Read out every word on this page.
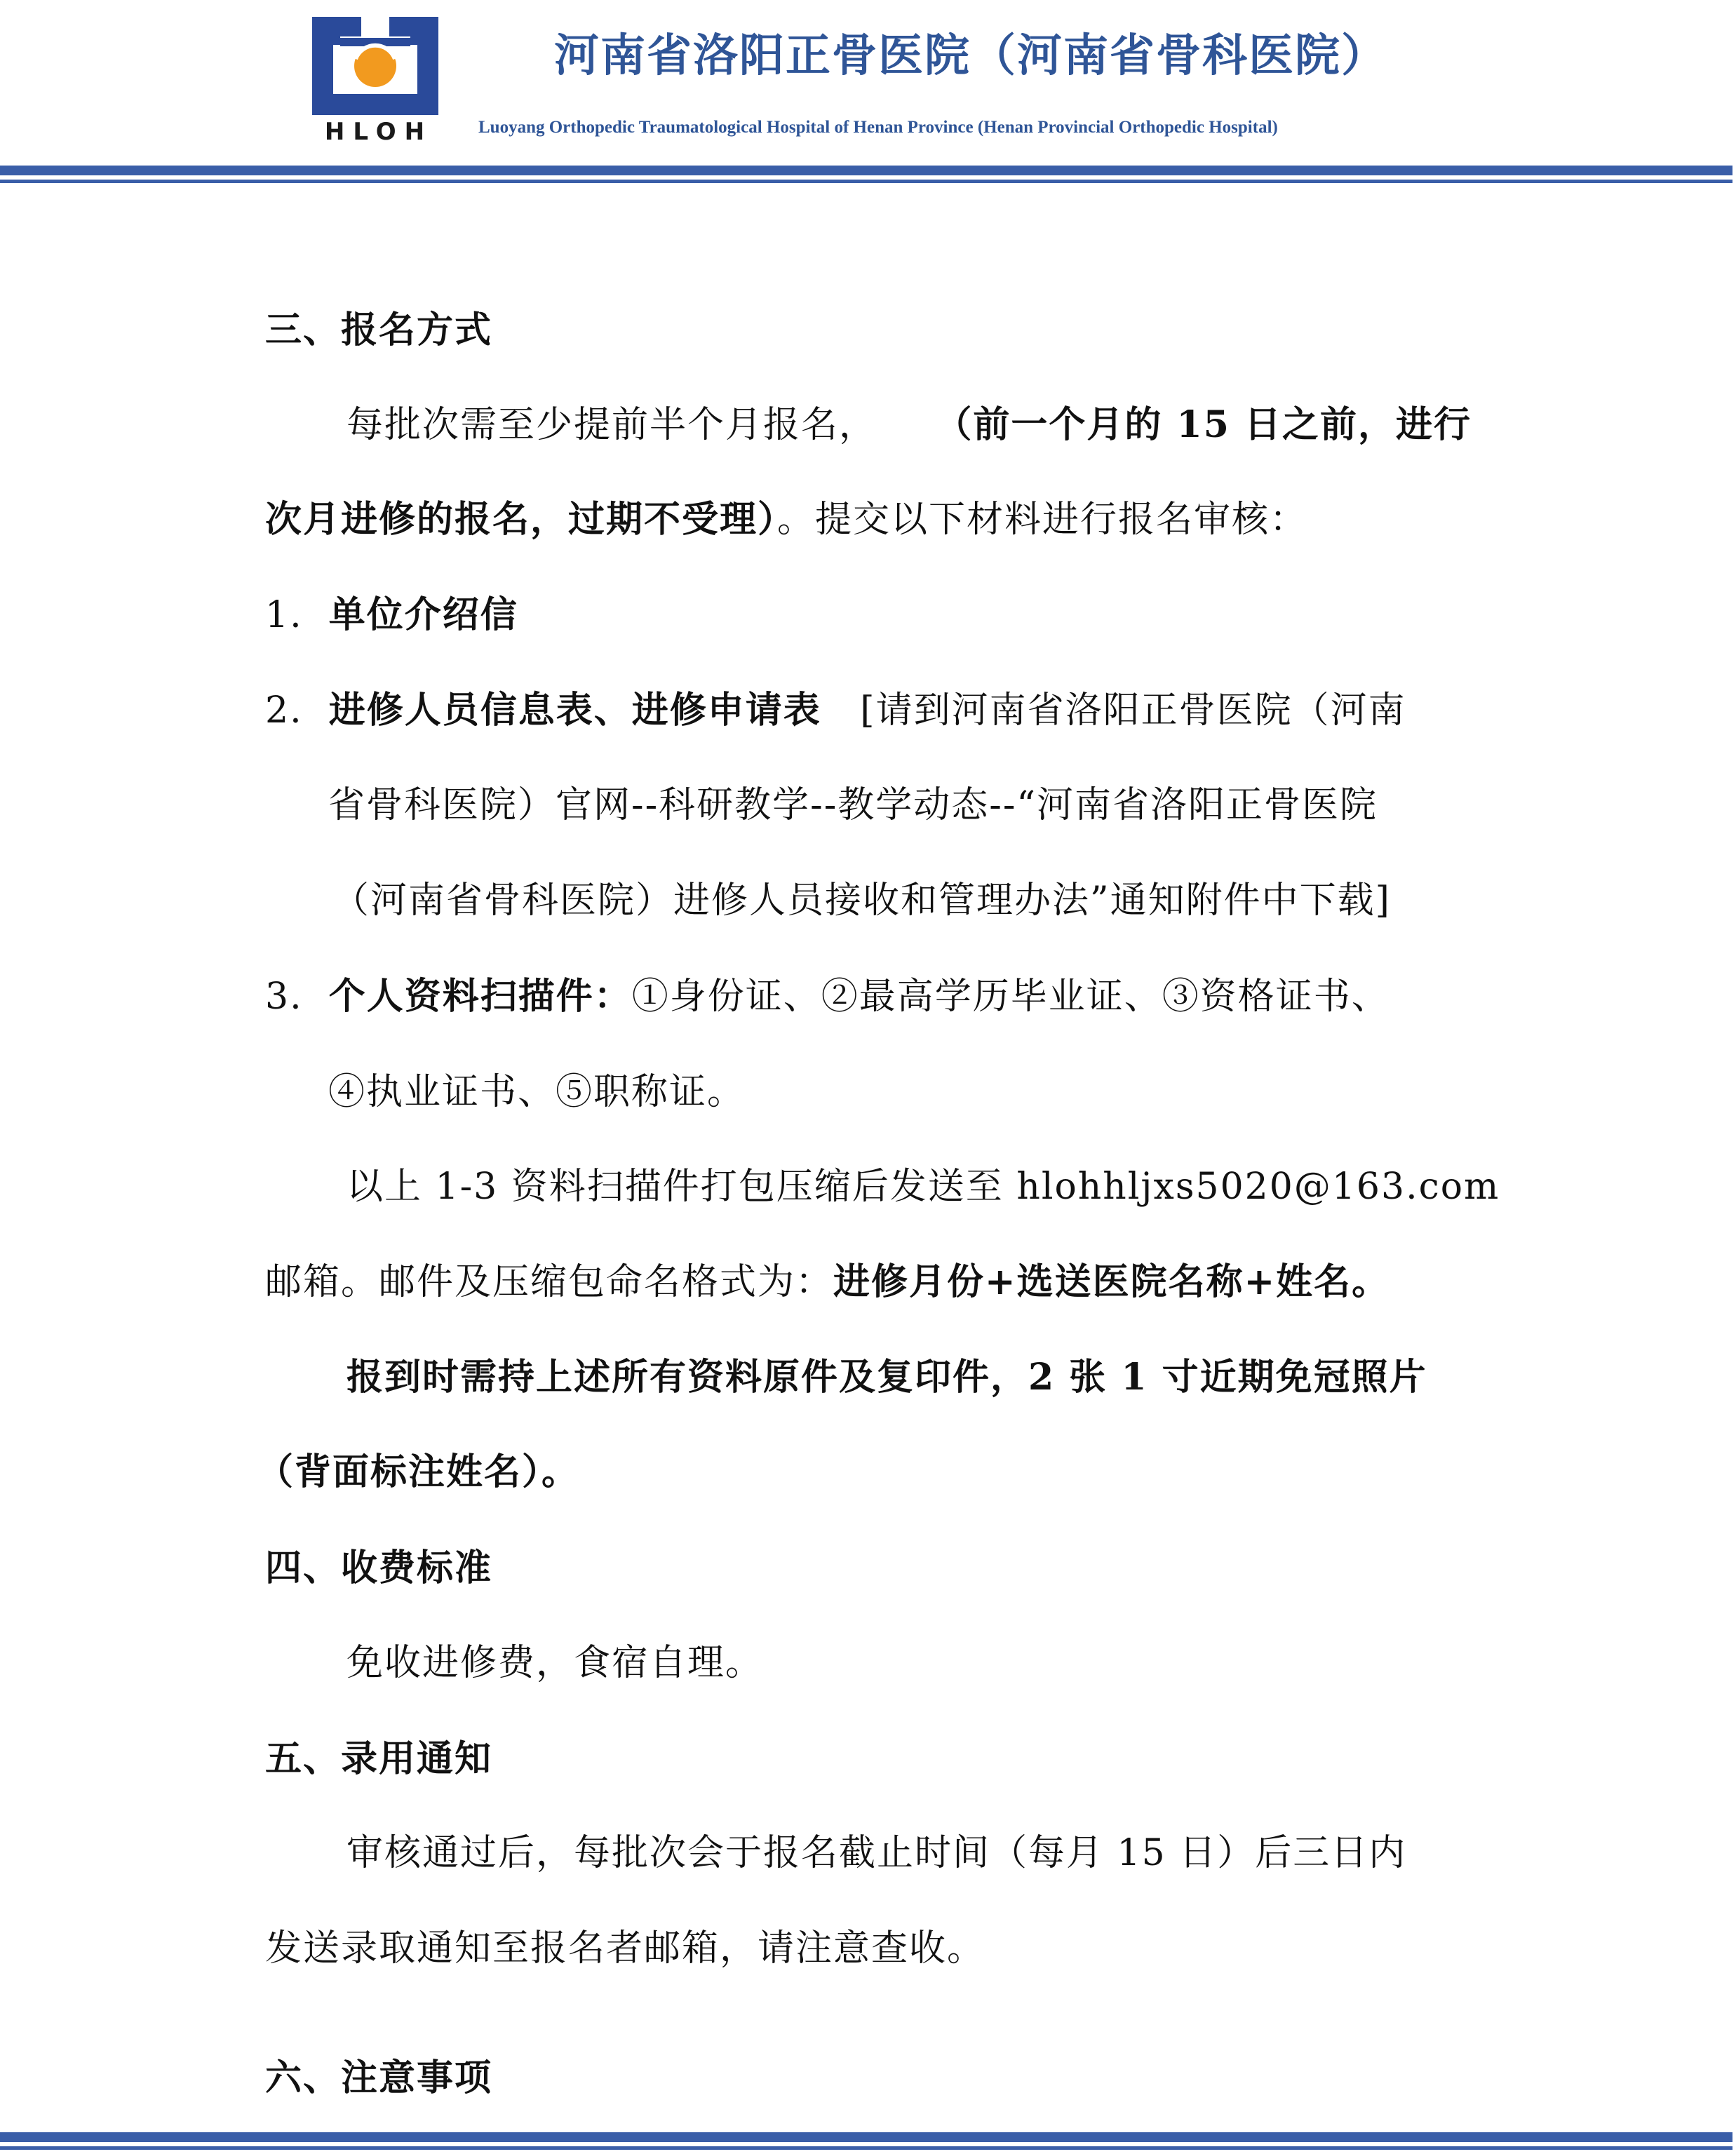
HLOH
河南省洛阳正骨医院（河南省骨科医院）
Luoyang Orthopedic Traumatological Hospital of Henan Province (Henan Provincial Orthopedic Hospital)
三、报名方式
每批次需至少提前半个月报名， （前一个月的 15 日之前，进行
次月进修的报名，过期不受理）。提交以下材料进行报名审核：
1. 单位介绍信
2. 进修人员信息表、进修申请表 [请到河南省洛阳正骨医院（河南
省骨科医院）官网--科研教学--教学动态--“河南省洛阳正骨医院
（河南省骨科医院）进修人员接收和管理办法”通知附件中下载]
3. 个人资料扫描件：①身份证、②最高学历毕业证、③资格证书、
④执业证书、⑤职称证。
以上 1-3 资料扫描件打包压缩后发送至 hlohhljxs5020@163.com
邮箱。邮件及压缩包命名格式为：进修月份+选送医院名称+姓名。
报到时需持上述所有资料原件及复印件，2 张 1 寸近期免冠照片
（背面标注姓名）。
四、收费标准
免收进修费，食宿自理。
五、录用通知
审核通过后，每批次会于报名截止时间（每月 15 日）后三日内
发送录取通知至报名者邮箱，请注意查收。
六、注意事项
